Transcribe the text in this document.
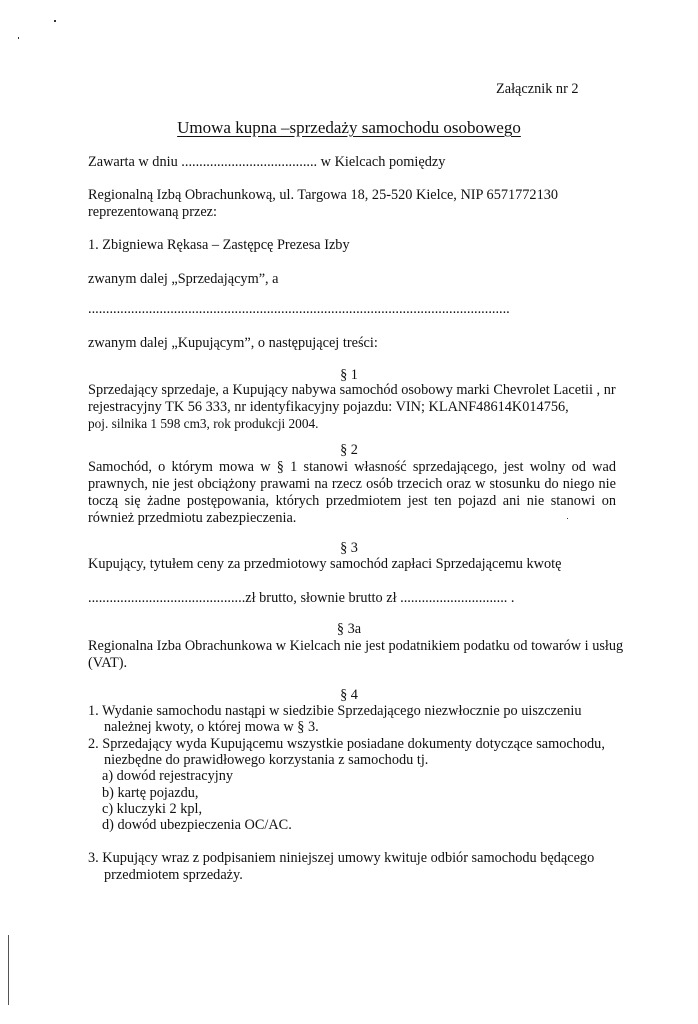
Załącznik nr 2
Umowa kupna –sprzedaży samochodu osobowego
Zawarta w dniu ...................................... w Kielcach pomiędzy
Regionalną Izbą Obrachunkową, ul. Targowa 18, 25-520 Kielce, NIP 6571772130
reprezentowaną przez:
1. Zbigniewa Rękasa – Zastępcę Prezesa Izby
zwanym dalej „Sprzedającym”, a
......................................................................................................................
zwanym dalej „Kupującym”, o następującej treści:
§ 1
Sprzedający sprzedaje, a Kupujący nabywa samochód osobowy marki Chevrolet Lacetii , nr
rejestracyjny TK 56 333, nr identyfikacyjny pojazdu: VIN; KLANF48614K014756,
poj. silnika 1 598 cm3, rok produkcji 2004.
§ 2
Samochód, o którym mowa w § 1 stanowi własność sprzedającego, jest wolny od wad
prawnych, nie jest obciążony prawami na rzecz osób trzecich oraz w stosunku do niego nie
toczą się żadne postępowania, których przedmiotem jest ten pojazd ani nie stanowi on
również przedmiotu zabezpieczenia.
§ 3
Kupujący, tytułem ceny za przedmiotowy samochód zapłaci Sprzedającemu kwotę
............................................zł brutto, słownie brutto zł .............................. .
§ 3a
Regionalna Izba Obrachunkowa w Kielcach nie jest podatnikiem podatku od towarów i usług
(VAT).
§ 4
1. Wydanie samochodu nastąpi w siedzibie Sprzedającego niezwłocznie po uiszczeniu
należnej kwoty, o której mowa w § 3.
2. Sprzedający wyda Kupującemu wszystkie posiadane dokumenty dotyczące samochodu,
niezbędne do prawidłowego korzystania z samochodu tj.
a) dowód rejestracyjny
b) kartę pojazdu,
c) kluczyki 2 kpl,
d) dowód ubezpieczenia OC/AC.
3. Kupujący wraz z podpisaniem niniejszej umowy kwituje odbiór samochodu będącego
przedmiotem sprzedaży.
